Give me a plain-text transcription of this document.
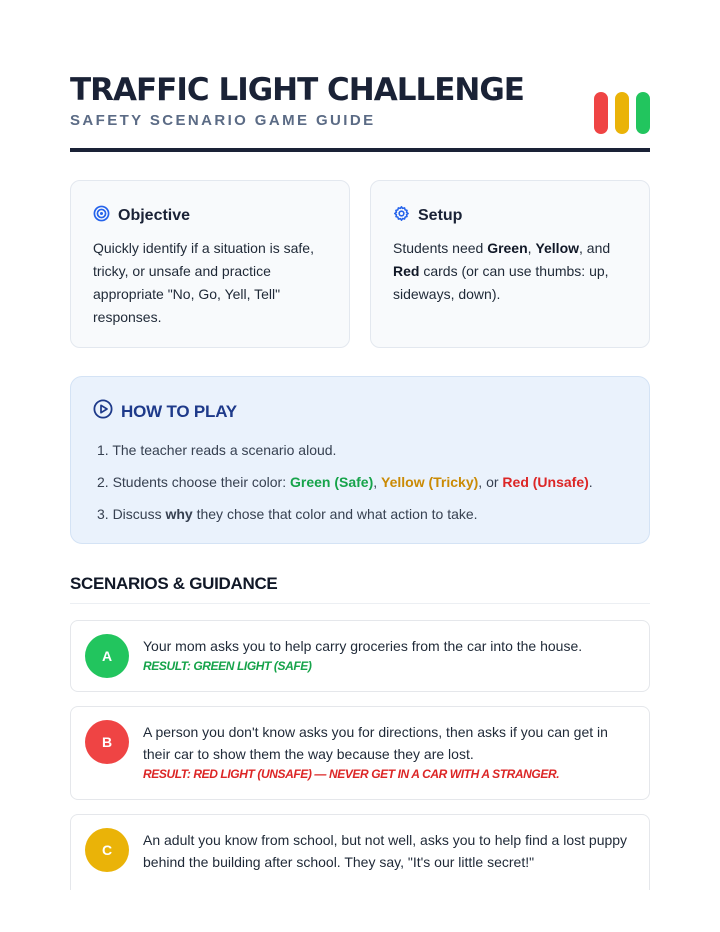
TRAFFIC LIGHT CHALLENGE
SAFETY SCENARIO GAME GUIDE
Objective
Quickly identify if a situation is safe, tricky, or unsafe and practice appropriate "No, Go, Yell, Tell" responses.
Setup
Students need Green, Yellow, and Red cards (or can use thumbs: up, sideways, down).
HOW TO PLAY
1. The teacher reads a scenario aloud.
2. Students choose their color: Green (Safe), Yellow (Tricky), or Red (Unsafe).
3. Discuss why they chose that color and what action to take.
SCENARIOS & GUIDANCE
A
Your mom asks you to help carry groceries from the car into the house.
RESULT: GREEN LIGHT (SAFE)
B
A person you don't know asks you for directions, then asks if you can get in their car to show them the way because they are lost.
RESULT: RED LIGHT (UNSAFE) — NEVER GET IN A CAR WITH A STRANGER.
C
An adult you know from school, but not well, asks you to help find a lost puppy behind the building after school. They say, "It's our little secret!"
